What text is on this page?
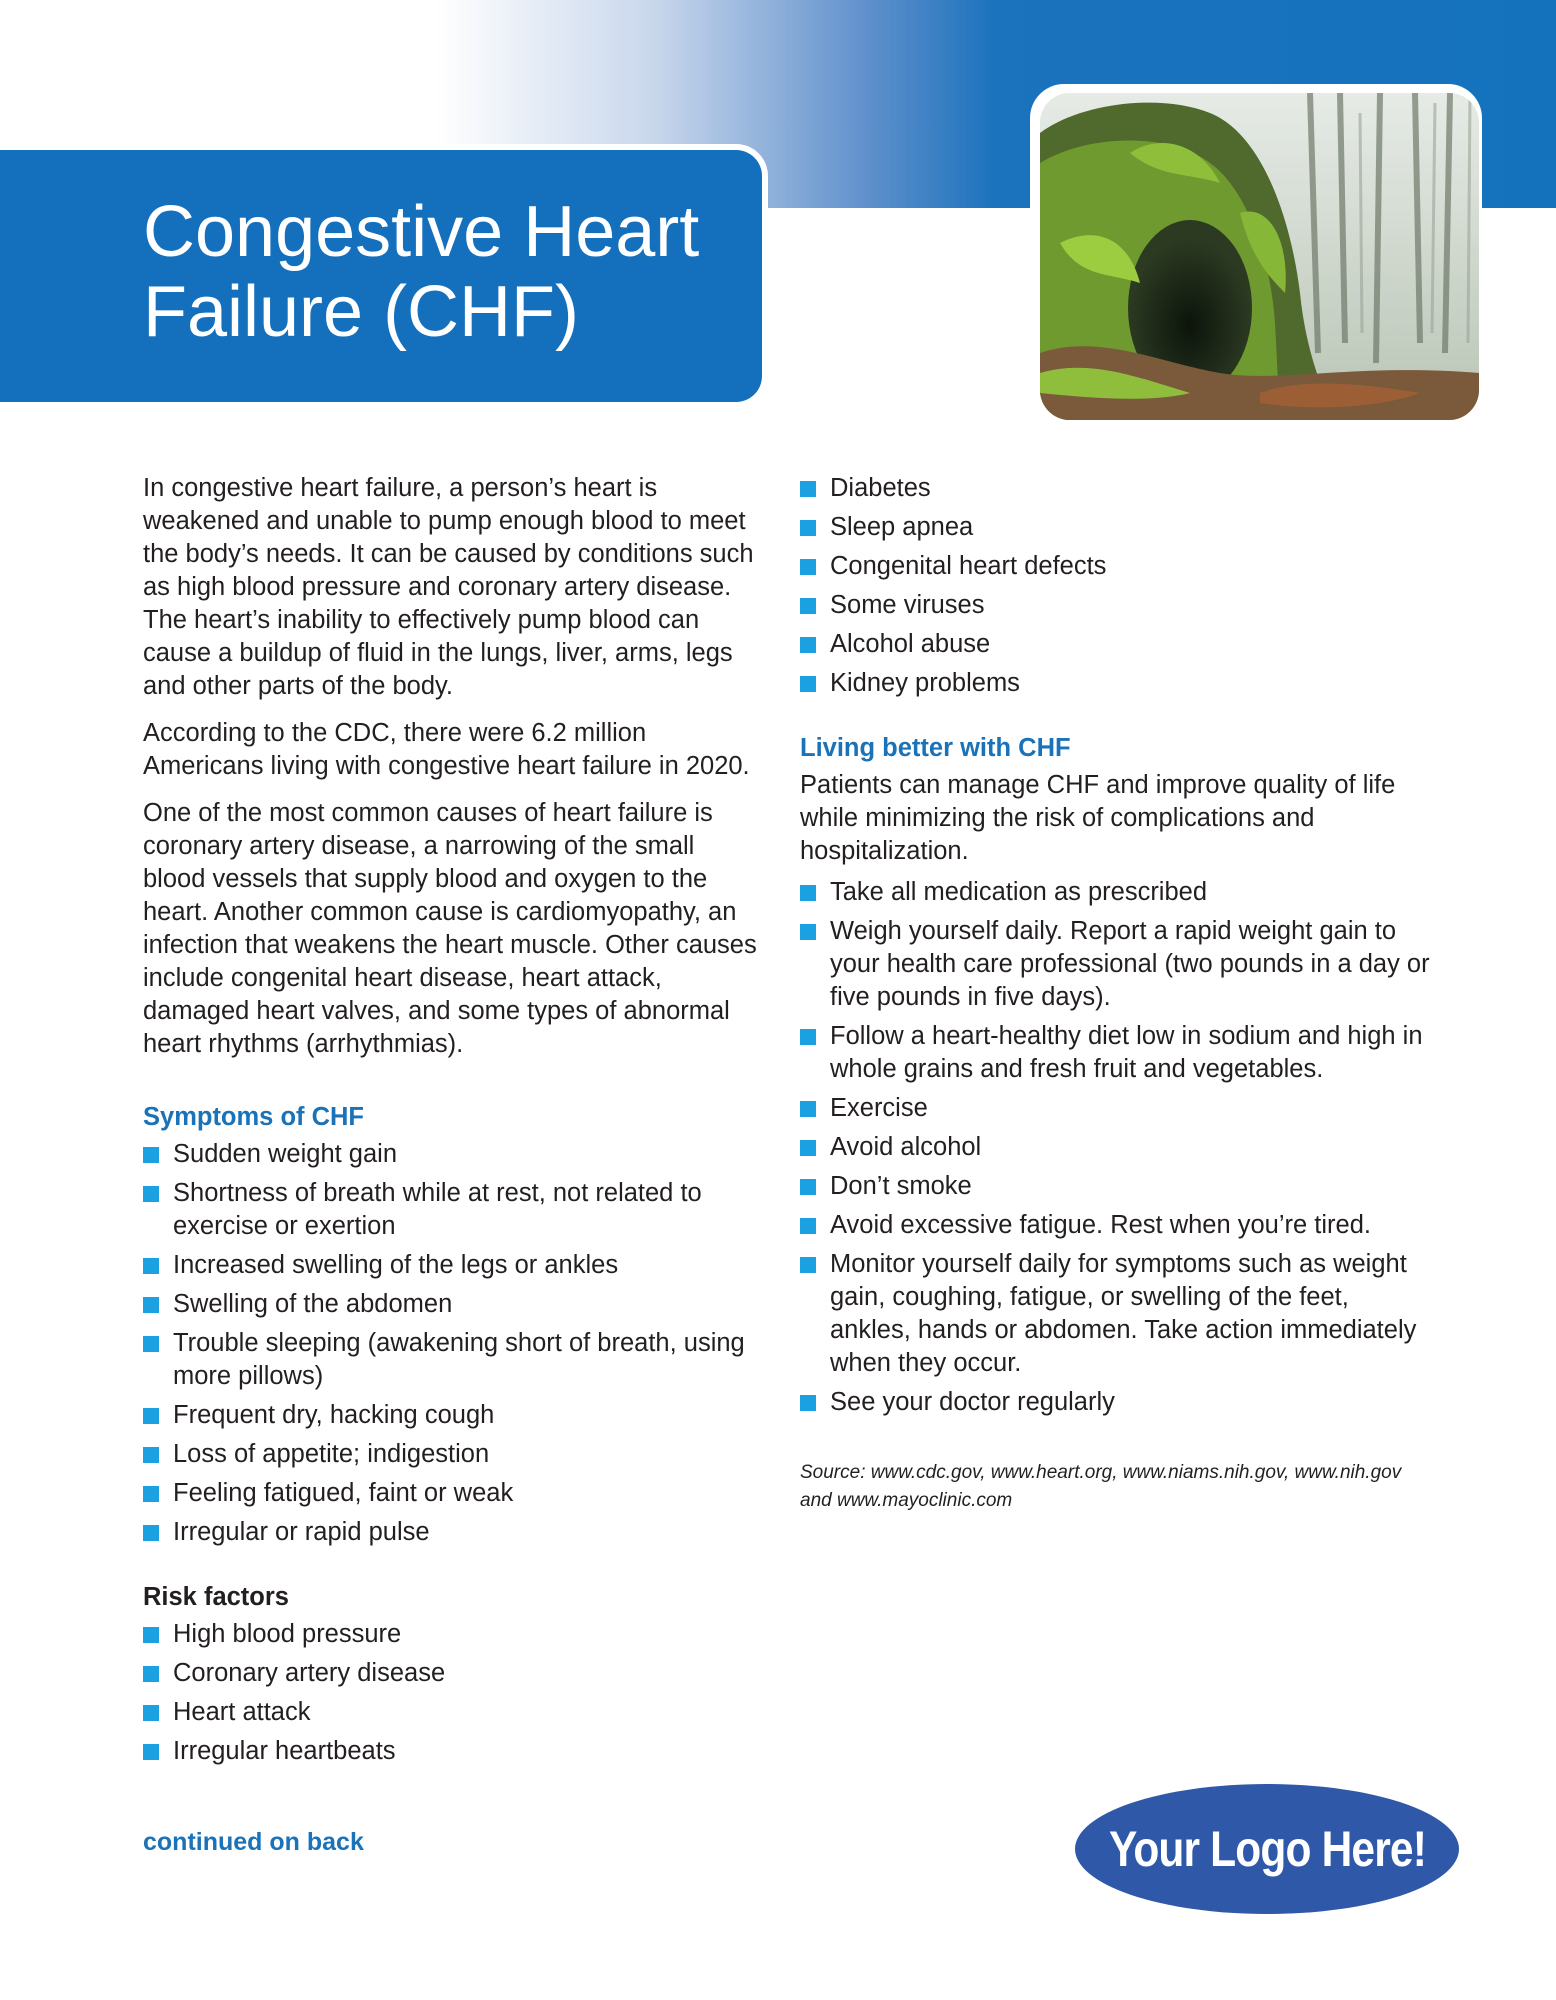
Congestive Heart Failure (CHF)

In congestive heart failure, a person’s heart is weakened and unable to pump enough blood to meet the body’s needs. It can be caused by conditions such as high blood pressure and coronary artery disease. The heart’s inability to effectively pump blood can cause a buildup of fluid in the lungs, liver, arms, legs and other parts of the body.

According to the CDC, there were 6.2 million Americans living with congestive heart failure in 2020.

One of the most common causes of heart failure is coronary artery disease, a narrowing of the small blood vessels that supply blood and oxygen to the heart. Another common cause is cardiomyopathy, an infection that weakens the heart muscle. Other causes include congenital heart disease, heart attack, damaged heart valves, and some types of abnormal heart rhythms (arrhythmias).

Symptoms of CHF
Sudden weight gain
Shortness of breath while at rest, not related to exercise or exertion
Increased swelling of the legs or ankles
Swelling of the abdomen
Trouble sleeping (awakening short of breath, using more pillows)
Frequent dry, hacking cough
Loss of appetite; indigestion
Feeling fatigued, faint or weak
Irregular or rapid pulse
Risk factors
High blood pressure
Coronary artery disease
Heart attack
Irregular heartbeats
Diabetes
Sleep apnea
Congenital heart defects
Some viruses
Alcohol abuse
Kidney problems
Living better with CHF

Patients can manage CHF and improve quality of life while minimizing the risk of complications and hospitalization.

Take all medication as prescribed
Weigh yourself daily. Report a rapid weight gain to your health care professional (two pounds in a day or five pounds in five days).
Follow a heart-healthy diet low in sodium and high in whole grains and fresh fruit and vegetables.
Exercise
Avoid alcohol
Don’t smoke
Avoid excessive fatigue. Rest when you’re tired.
Monitor yourself daily for symptoms such as weight gain, coughing, fatigue, or swelling of the feet, ankles, hands or abdomen. Take action immediately when they occur.
See your doctor regularly
Source: www.cdc.gov, www.heart.org, www.niams.nih.gov, www.nih.gov and www.mayoclinic.com
continued on back	Your Logo Here!
